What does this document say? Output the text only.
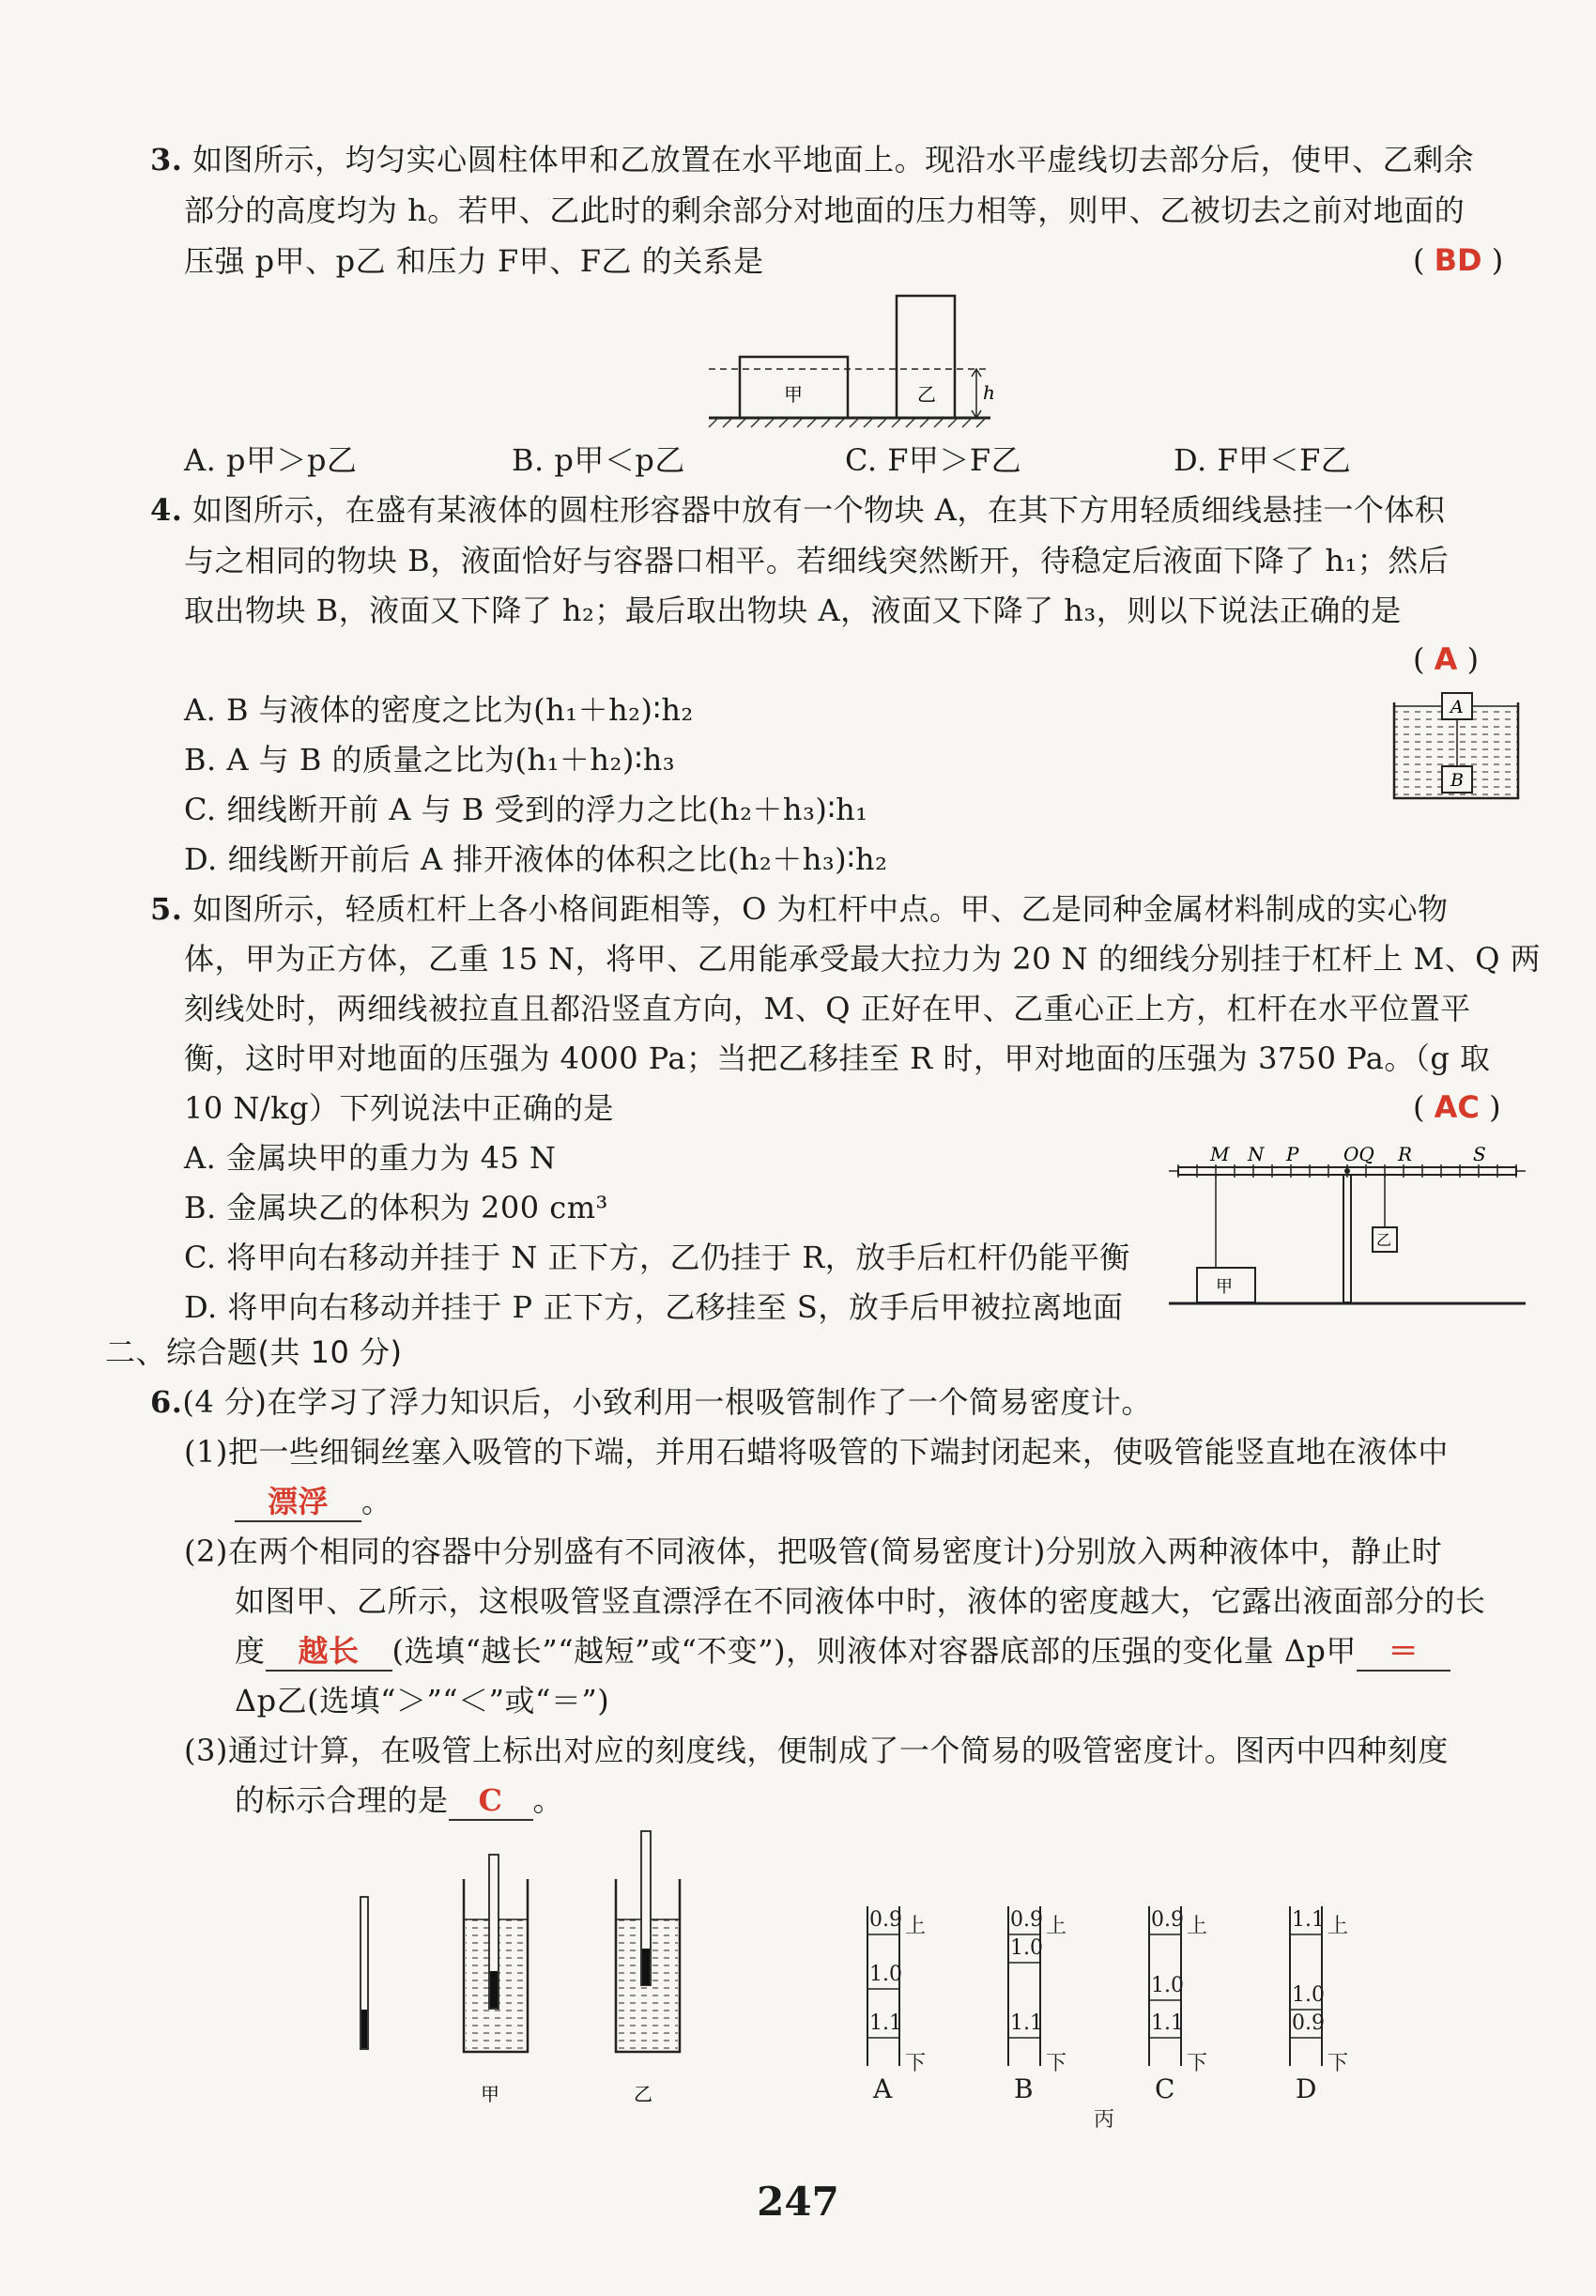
3. 如图所示，均匀实心圆柱体甲和乙放置在水平地面上。现沿水平虚线切去部分后，使甲、乙剩余
部分的高度均为 h。若甲、乙此时的剩余部分对地面的压力相等，则甲、乙被切去之前对地面的
压强 p甲、p乙 和压力 F甲、F乙 的关系是	( BD )
甲	乙	h
A. p甲＞p乙	B. p甲＜p乙	C. F甲＞F乙	D. F甲＜F乙
4. 如图所示，在盛有某液体的圆柱形容器中放有一个物块 A，在其下方用轻质细线悬挂一个体积
与之相同的物块 B，液面恰好与容器口相平。若细线突然断开，待稳定后液面下降了 h₁；然后
取出物块 B，液面又下降了 h₂；最后取出物块 A，液面又下降了 h₃，则以下说法正确的是
( A )
A. B 与液体的密度之比为(h₁＋h₂)∶h₂
B. A 与 B 的质量之比为(h₁＋h₂)∶h₃
C. 细线断开前 A 与 B 受到的浮力之比(h₂＋h₃)∶h₁
D. 细线断开前后 A 排开液体的体积之比(h₂＋h₃)∶h₂
A
B
5. 如图所示，轻质杠杆上各小格间距相等，O 为杠杆中点。甲、乙是同种金属材料制成的实心物
体，甲为正方体，乙重 15 N，将甲、乙用能承受最大拉力为 20 N 的细线分别挂于杠杆上 M、Q 两
刻线处时，两细线被拉直且都沿竖直方向，M、Q 正好在甲、乙重心正上方，杠杆在水平位置平
衡，这时甲对地面的压强为 4000 Pa；当把乙移挂至 R 时，甲对地面的压强为 3750 Pa。（g 取
10 N/kg）下列说法中正确的是	( AC )
A. 金属块甲的重力为 45 N
B. 金属块乙的体积为 200 cm³
C. 将甲向右移动并挂于 N 正下方，乙仍挂于 R，放手后杠杆仍能平衡
D. 将甲向右移动并挂于 P 正下方，乙移挂至 S，放手后甲被拉离地面
M N P OQ R	S
甲
乙
二、综合题(共 10 分)
6.(4 分)在学习了浮力知识后，小致利用一根吸管制作了一个简易密度计。
(1)把一些细铜丝塞入吸管的下端，并用石蜡将吸管的下端封闭起来，使吸管能竖直地在液体中
漂浮 。
(2)在两个相同的容器中分别盛有不同液体，把吸管(简易密度计)分别放入两种液体中，静止时
如图甲、乙所示，这根吸管竖直漂浮在不同液体中时，液体的密度越大，它露出液面部分的长
度 越长 (选填“越长”“越短”或“不变”)，则液体对容器底部的压强的变化量 Δp甲 ＝
Δp乙(选填“＞”“＜”或“＝”)
(3)通过计算，在吸管上标出对应的刻度线，便制成了一个简易的吸管密度计。图丙中四种刻度
的标示合理的是 C 。
甲	乙
0.9
1.0
1.1
上
下
A
0.9
1.0
1.1
上
下
B
0.9
1.0
1.1
上
下
C
1.1
1.0
0.9
上
下
D
丙
247
